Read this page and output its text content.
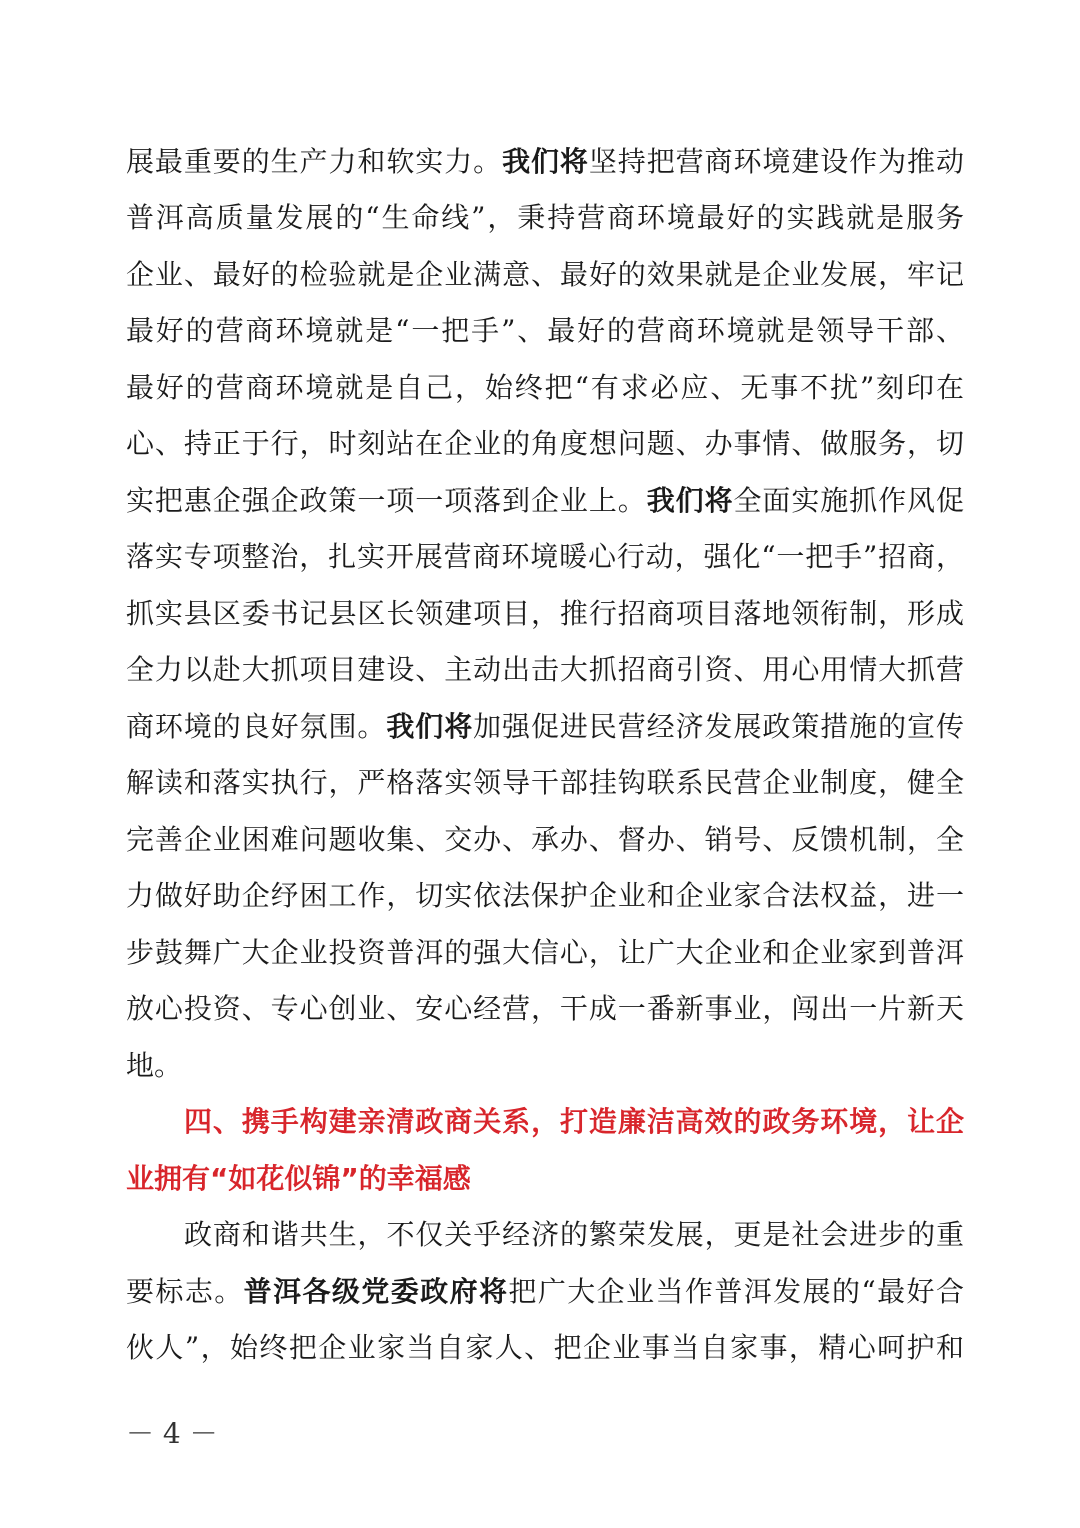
展最重要的生产力和软实力。我们将坚持把营商环境建设作为推动
普洱高质量发展的“生命线”，秉持营商环境最好的实践就是服务
企业、最好的检验就是企业满意、最好的效果就是企业发展，牢记
最好的营商环境就是“一把手”、最好的营商环境就是领导干部、
最好的营商环境就是自己，始终把“有求必应、无事不扰”刻印在
心、持正于行，时刻站在企业的角度想问题、办事情、做服务，切
实把惠企强企政策一项一项落到企业上。我们将全面实施抓作风促
落实专项整治，扎实开展营商环境暖心行动，强化“一把手”招商，
抓实县区委书记县区长领建项目，推行招商项目落地领衔制，形成
全力以赴大抓项目建设、主动出击大抓招商引资、用心用情大抓营
商环境的良好氛围。我们将加强促进民营经济发展政策措施的宣传
解读和落实执行，严格落实领导干部挂钩联系民营企业制度，健全
完善企业困难问题收集、交办、承办、督办、销号、反馈机制，全
力做好助企纾困工作，切实依法保护企业和企业家合法权益，进一
步鼓舞广大企业投资普洱的强大信心，让广大企业和企业家到普洱
放心投资、专心创业、安心经营，干成一番新事业，闯出一片新天
地。
四、携手构建亲清政商关系，打造廉洁高效的政务环境，让企
业拥有“如花似锦”的幸福感
政商和谐共生，不仅关乎经济的繁荣发展，更是社会进步的重
要标志。普洱各级党委政府将把广大企业当作普洱发展的“最好合
伙人”，始终把企业家当自家人、把企业事当自家事，精心呵护和
－ 4 －
